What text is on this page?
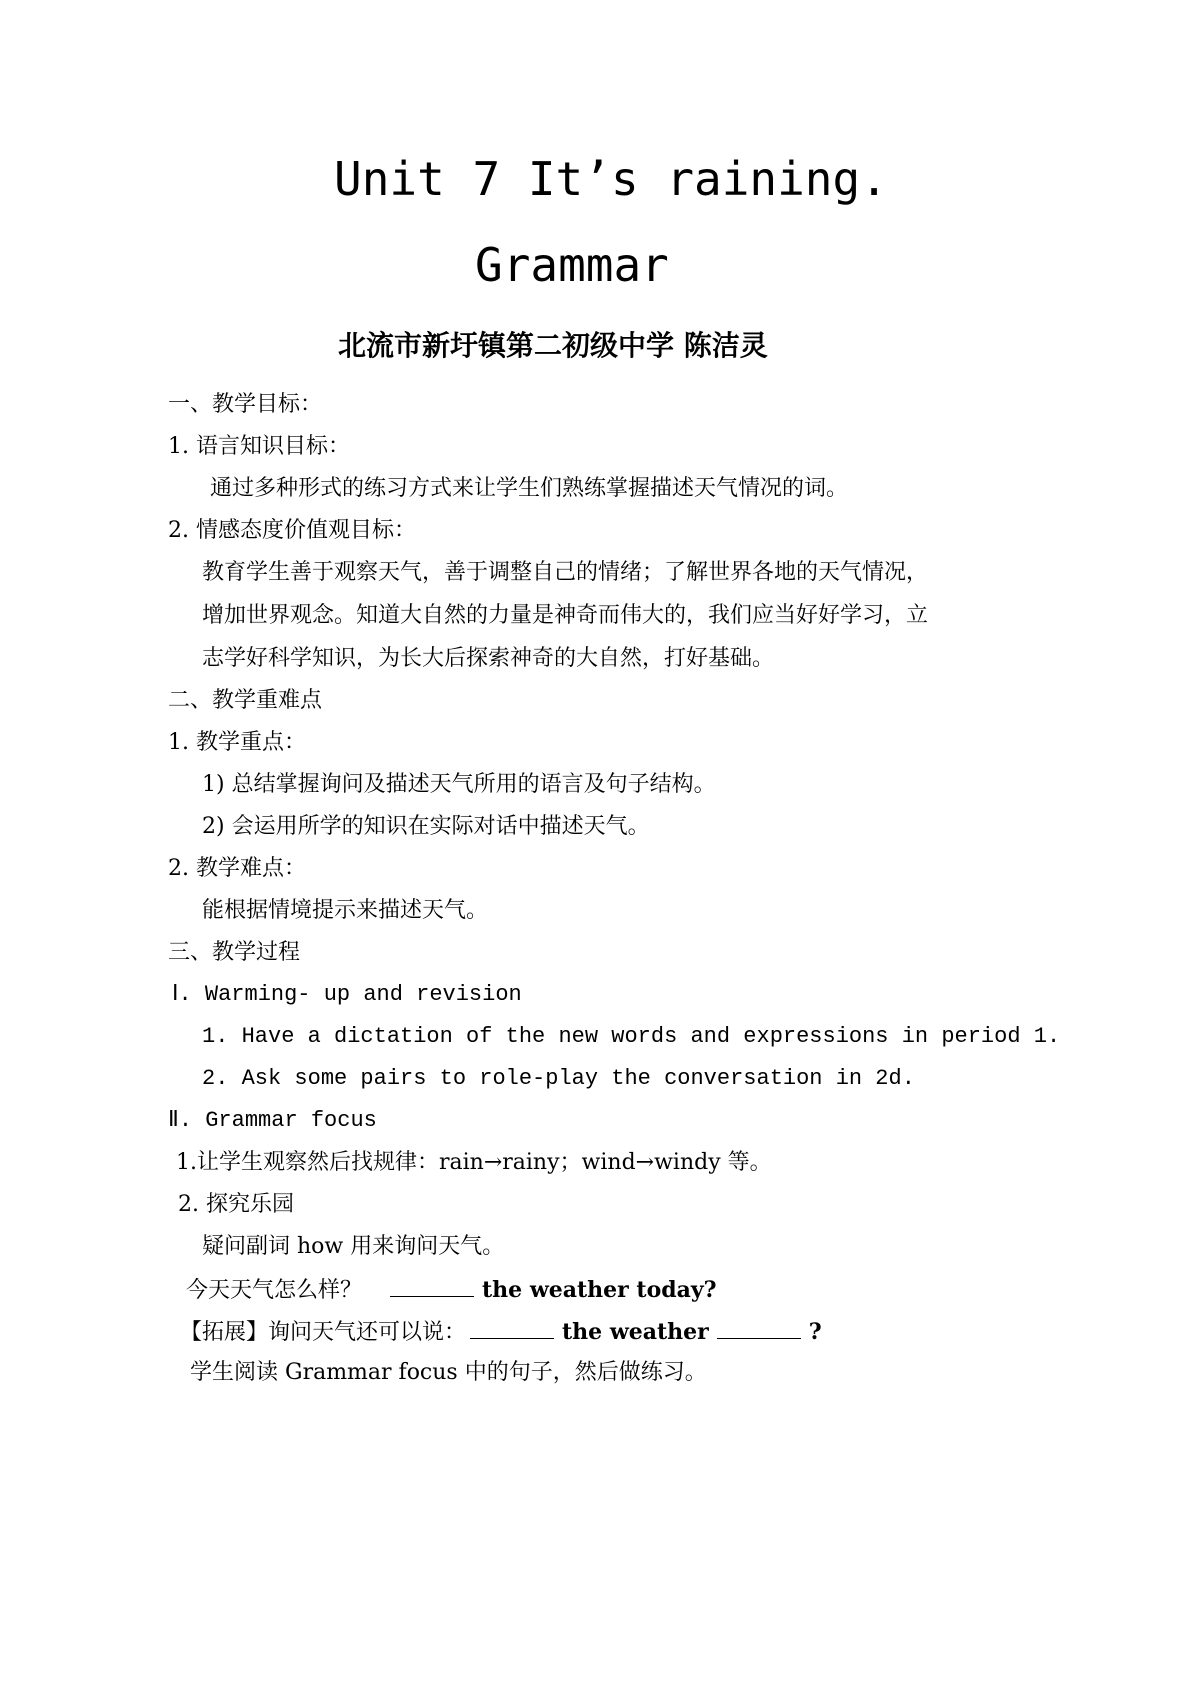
Unit 7 It’s raining.
Grammar
北流市新圩镇第二初级中学 陈洁灵
一、教学目标：
1. 语言知识目标：
通过多种形式的练习方式来让学生们熟练掌握描述天气情况的词。
2. 情感态度价值观目标：
教育学生善于观察天气，善于调整自己的情绪；了解世界各地的天气情况，
增加世界观念。知道大自然的力量是神奇而伟大的，我们应当好好学习，立
志学好科学知识，为长大后探索神奇的大自然，打好基础。
二、教学重难点
1. 教学重点：
1) 总结掌握询问及描述天气所用的语言及句子结构。
2) 会运用所学的知识在实际对话中描述天气。
2. 教学难点：
能根据情境提示来描述天气。
三、教学过程
Ⅰ. Warming- up and revision
1. Have a dictation of the new words and expressions in period 1.
2. Ask some pairs to role-play the conversation in 2d.
Ⅱ. Grammar focus
1.让学生观察然后找规律：rain→rainy；wind→windy 等。
2. 探究乐园
疑问副词 how 用来询问天气。
今天天气怎么样？	the weather today?
【拓展】询问天气还可以说：	the weather	?
学生阅读 Grammar focus 中的句子，然后做练习。
